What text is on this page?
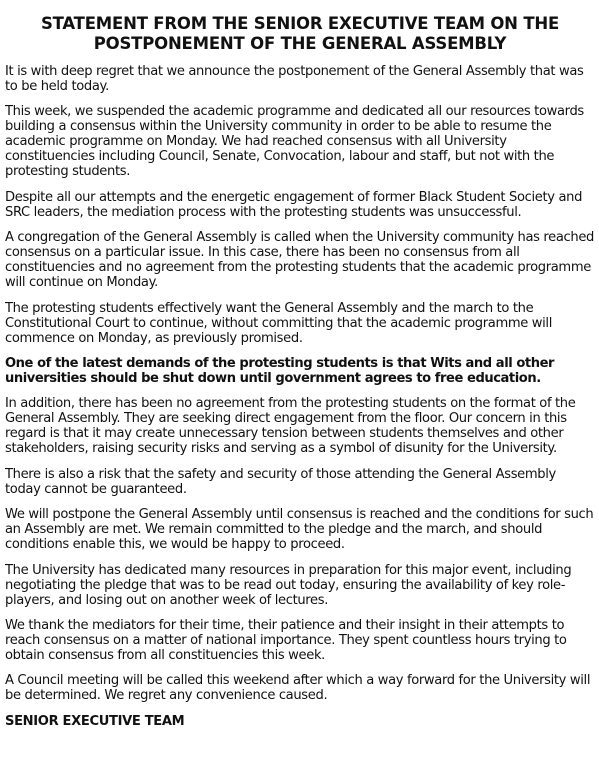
STATEMENT FROM THE SENIOR EXECUTIVE TEAM ON THE
POSTPONEMENT OF THE GENERAL ASSEMBLY

It is with deep regret that we announce the postponement of the General Assembly that was to be held today.

This week, we suspended the academic programme and dedicated all our resources towards building a consensus within the University community in order to be able to resume the academic programme on Monday. We had reached consensus with all University constituencies including Council, Senate, Convocation, labour and staff, but not with the protesting students.

Despite all our attempts and the energetic engagement of former Black Student Society and SRC leaders, the mediation process with the protesting students was unsuccessful.

A congregation of the General Assembly is called when the University community has reached consensus on a particular issue. In this case, there has been no consensus from all constituencies and no agreement from the protesting students that the academic programme will continue on Monday.

The protesting students effectively want the General Assembly and the march to the Constitutional Court to continue, without committing that the academic programme will commence on Monday, as previously promised.

One of the latest demands of the protesting students is that Wits and all other universities should be shut down until government agrees to free education.

In addition, there has been no agreement from the protesting students on the format of the General Assembly. They are seeking direct engagement from the floor. Our concern in this regard is that it may create unnecessary tension between students themselves and other stakeholders, raising security risks and serving as a symbol of disunity for the University.

There is also a risk that the safety and security of those attending the General Assembly today cannot be guaranteed.

We will postpone the General Assembly until consensus is reached and the conditions for such an Assembly are met. We remain committed to the pledge and the march, and should conditions enable this, we would be happy to proceed.

The University has dedicated many resources in preparation for this major event, including negotiating the pledge that was to be read out today, ensuring the availability of key role-players, and losing out on another week of lectures.

We thank the mediators for their time, their patience and their insight in their attempts to reach consensus on a matter of national importance. They spent countless hours trying to obtain consensus from all constituencies this week.

A Council meeting will be called this weekend after which a way forward for the University will be determined. We regret any convenience caused.

SENIOR EXECUTIVE TEAM
